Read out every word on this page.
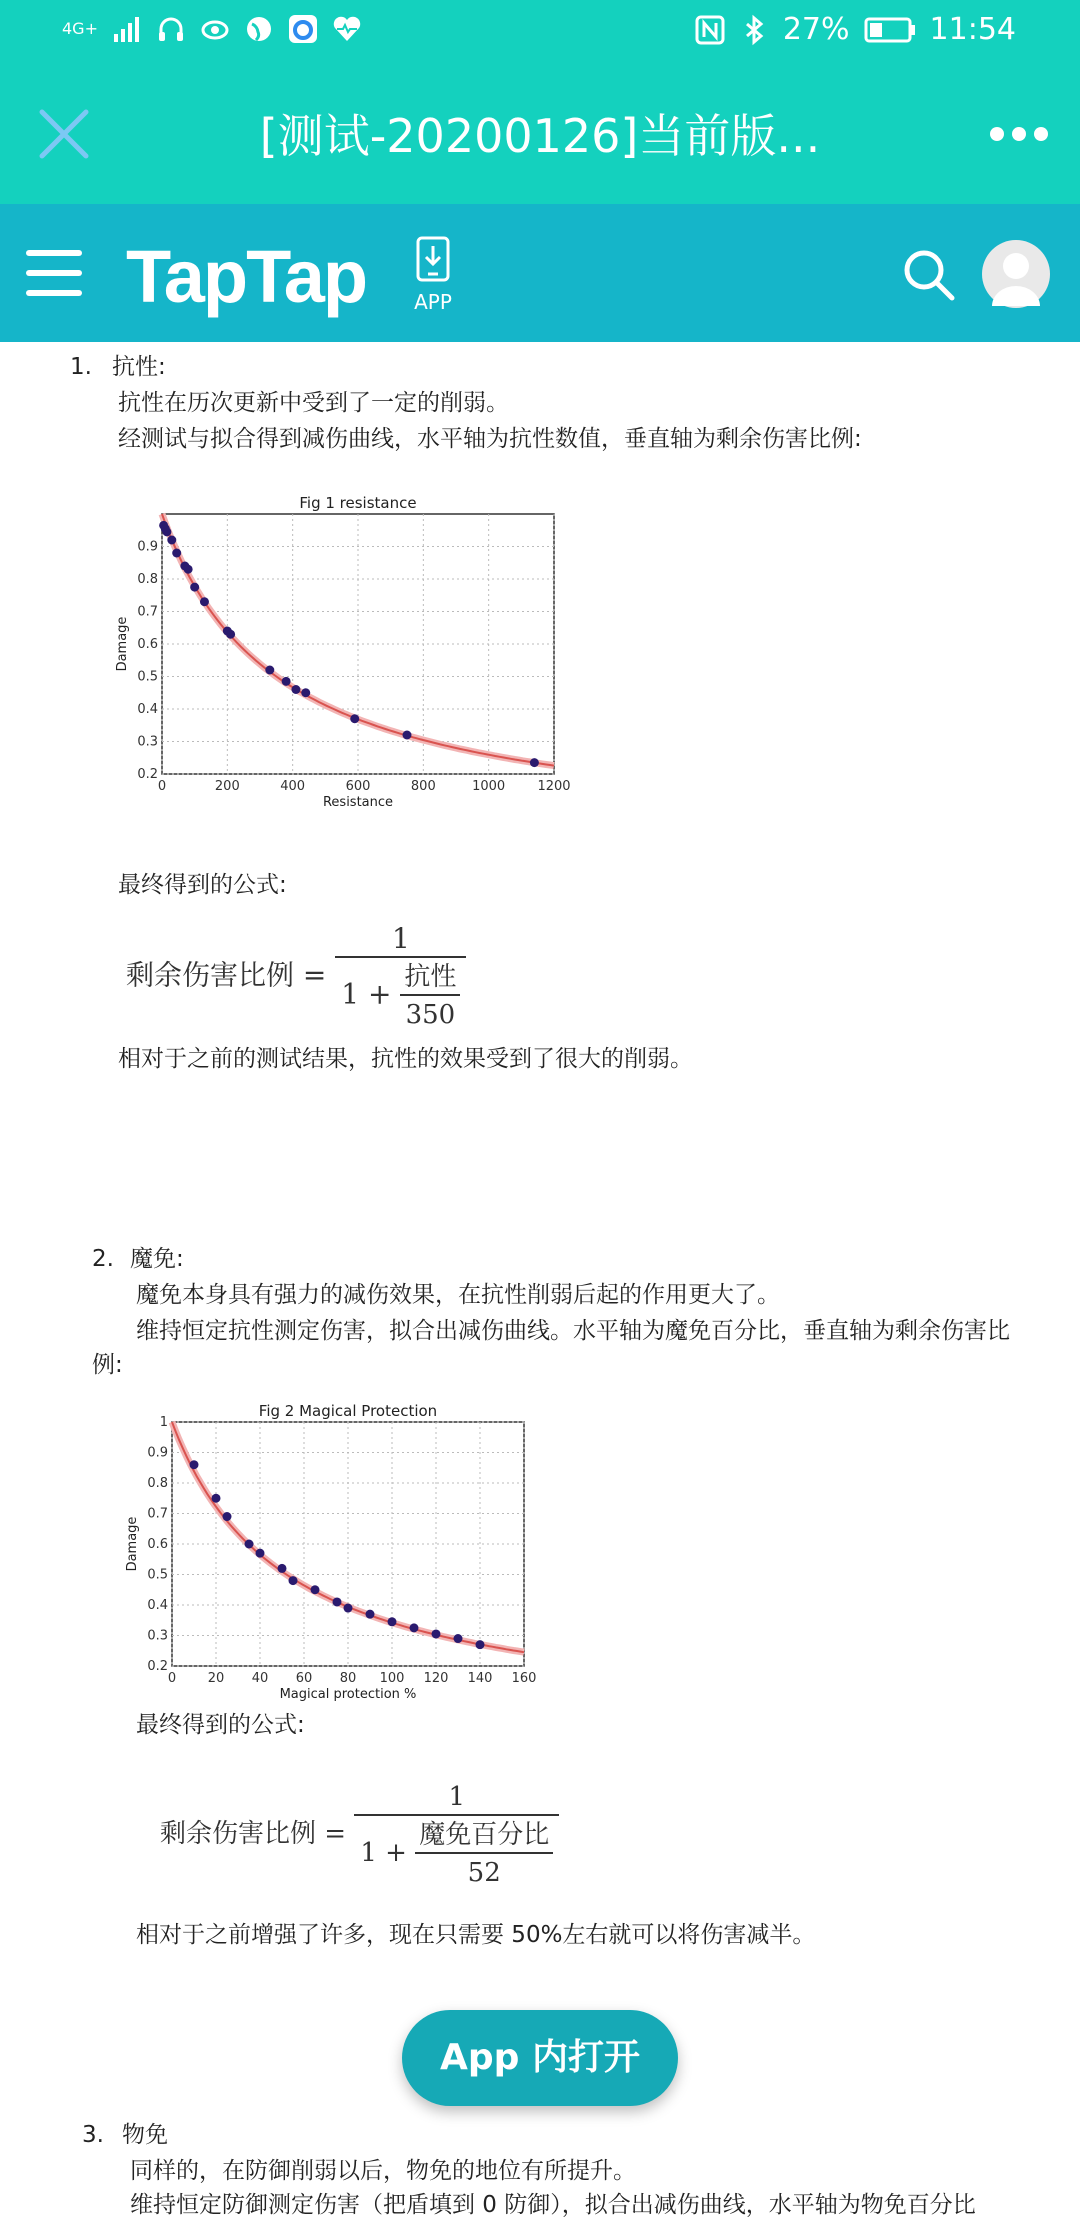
4G+	27%	11:54
[测试-20200126]当前版...
TapTap	APP
1. 抗性:
抗性在历次更新中受到了一定的削弱。
经测试与拟合得到减伤曲线，水平轴为抗性数值，垂直轴为剩余伤害比例:
0	200	400	600	800	1000 1200
0.2
0.3
0.4
0.5
0.6
0.7
0.8
0.9
Fig 1 resistance
Resistance
Damage
最终得到的公式:
剩余伤害比例 = 1
1 +
抗性
350
相对于之前的测试结果，抗性的效果受到了很大的削弱。
2. 魔免:
魔免本身具有强力的减伤效果，在抗性削弱后起的作用更大了。
维持恒定抗性测定伤害，拟合出减伤曲线。水平轴为魔免百分比，垂直轴为剩余伤害比
例:
0 20 40 60 80 100 120 140 160
0.2
0.3
0.4
0.5
0.6
0.7
0.8
0.9
1
Fig 2 Magical Protection
Magical protection %
Damage
最终得到的公式:
剩余伤害比例 = 1
1 +
魔免百分比
52
相对于之前增强了许多，现在只需要 50%左右就可以将伤害减半。
3. 物免
同样的，在防御削弱以后，物免的地位有所提升。
维持恒定防御测定伤害（把盾填到 0 防御），拟合出减伤曲线，水平轴为物免百分比
App 内打开
